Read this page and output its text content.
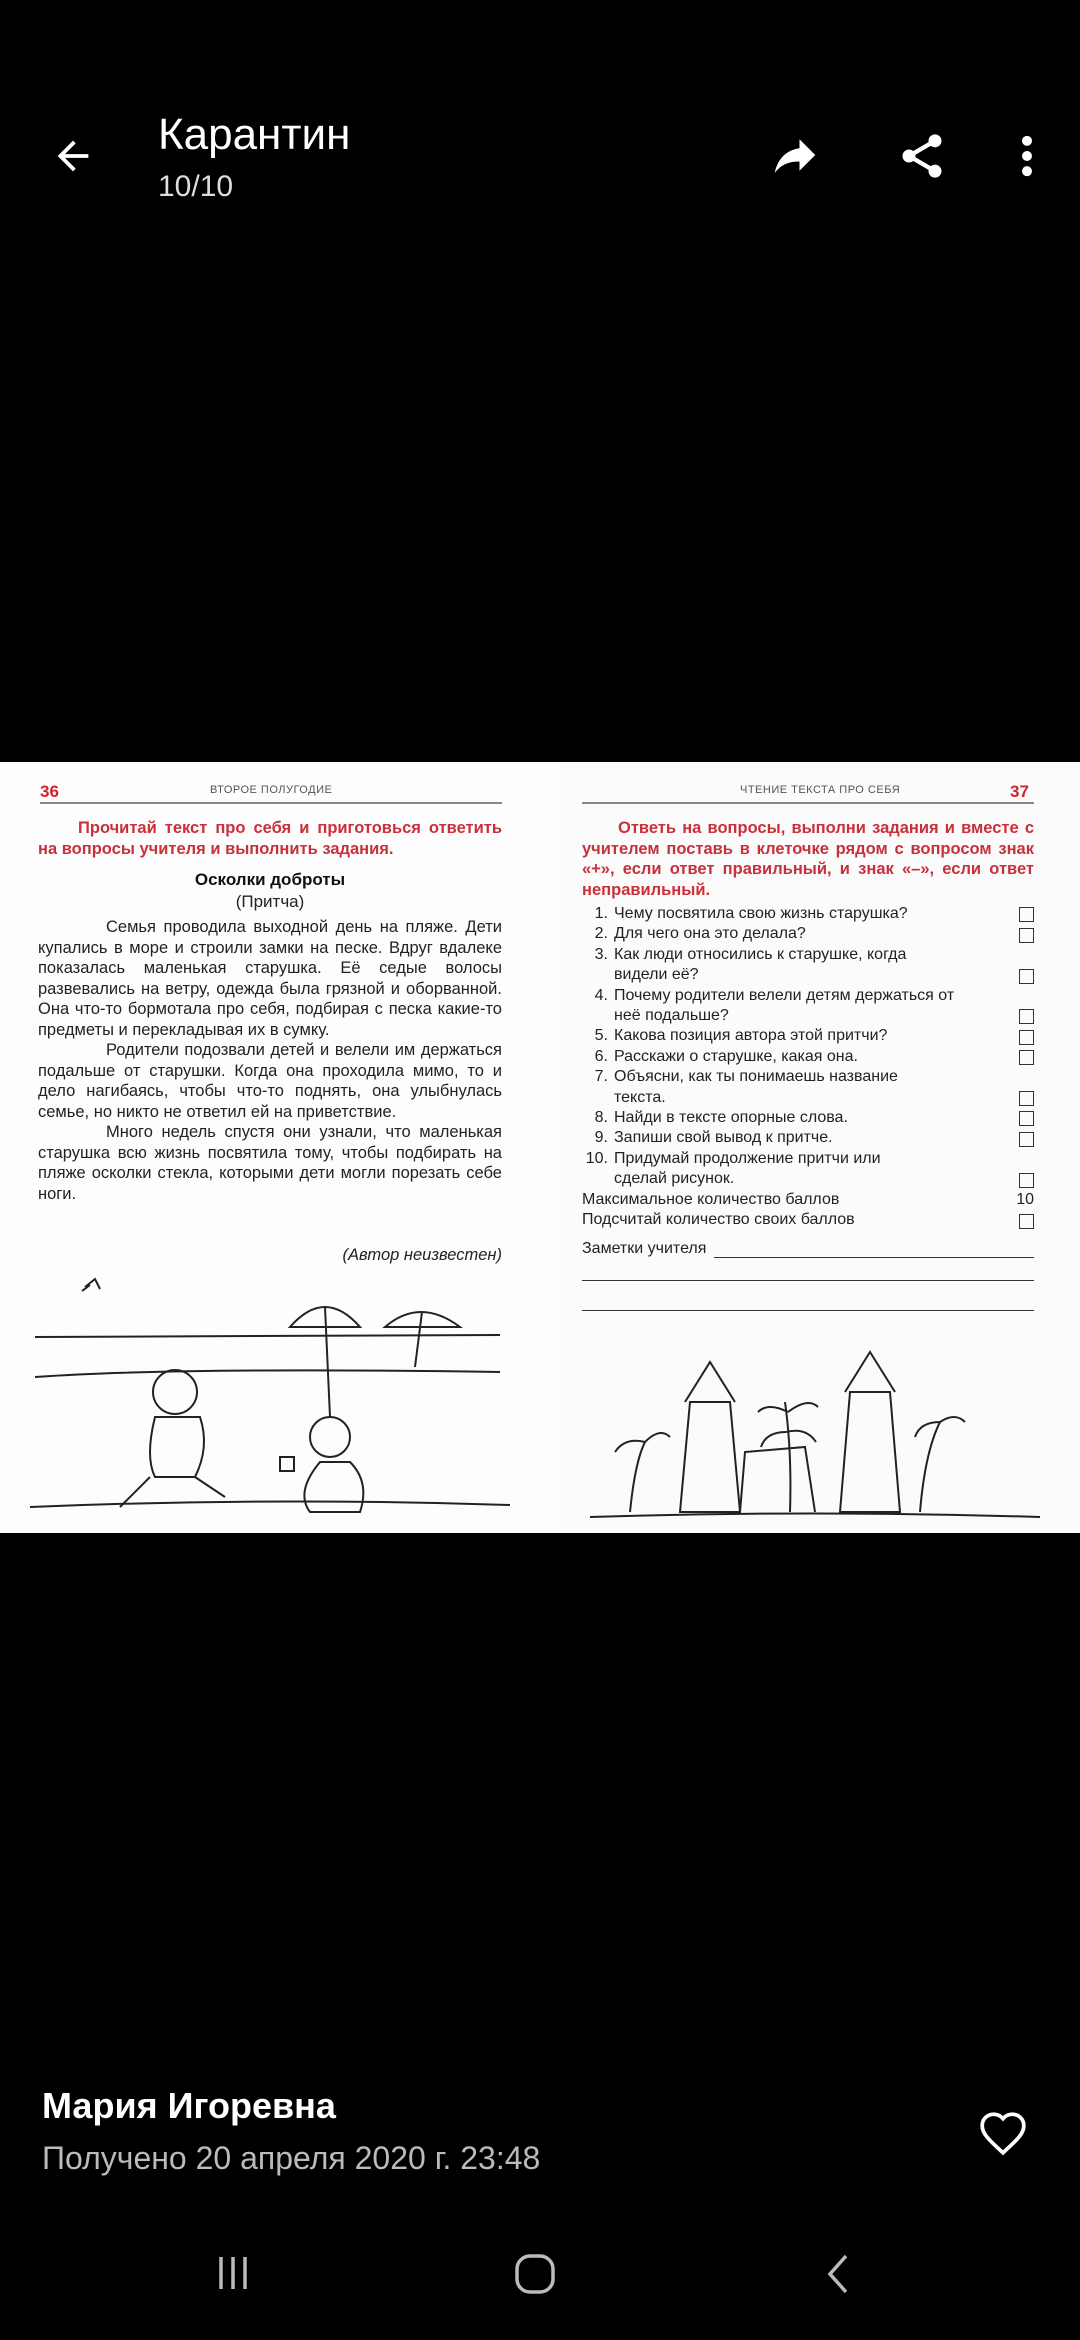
Карантин
10/10
36	ВТОРОЕ ПОЛУГОДИЕ
Прочитай текст про себя и приготовься ответить на вопросы учителя и выполнить задания.
Осколки доброты
(Притча)

Семья проводила выходной день на пляже. Дети купались в море и строили замки на песке. Вдруг вдалеке показалась маленькая старушка. Её седые волосы развевались на ветру, одежда была грязной и оборванной. Она что-то бормотала про себя, подбирая с песка какие-то предметы и перекладывая их в сумку.

Родители подозвали детей и велели им держаться подальше от старушки. Когда она проходила мимо, то и дело нагибаясь, чтобы что-то поднять, она улыбнулась семье, но никто не ответил ей на приветствие.

Много недель спустя они узнали, что маленькая старушка всю жизнь посвятила тому, чтобы подбирать на пляже осколки стекла, которыми дети могли порезать себе ноги.

(Автор неизвестен)
ЧТЕНИЕ ТЕКСТА ПРО СЕБЯ	37
Ответь на вопросы, выполни задания и вместе с учителем поставь в клеточке рядом с вопросом знак «+», если ответ правильный, и знак «–», если ответ неправильный.
1. Чему посвятила свою жизнь старушка?
2. Для чего она это делала?
3. Как люди относились к старушке, когда видели её?
4. Почему родители велели детям держаться от неё подальше?
5. Какова позиция автора этой притчи?
6. Расскажи о старушке, какая она.
7. Объясни, как ты понимаешь название текста.
8. Найди в тексте опорные слова.
9. Запиши свой вывод к притче.
10. Придумай продолжение притчи или сделай рисунок.
Максимальное количество баллов	10
Подсчитай количество своих баллов
Заметки учителя
Мария Игоревна
Получено 20 апреля 2020 г. 23:48
